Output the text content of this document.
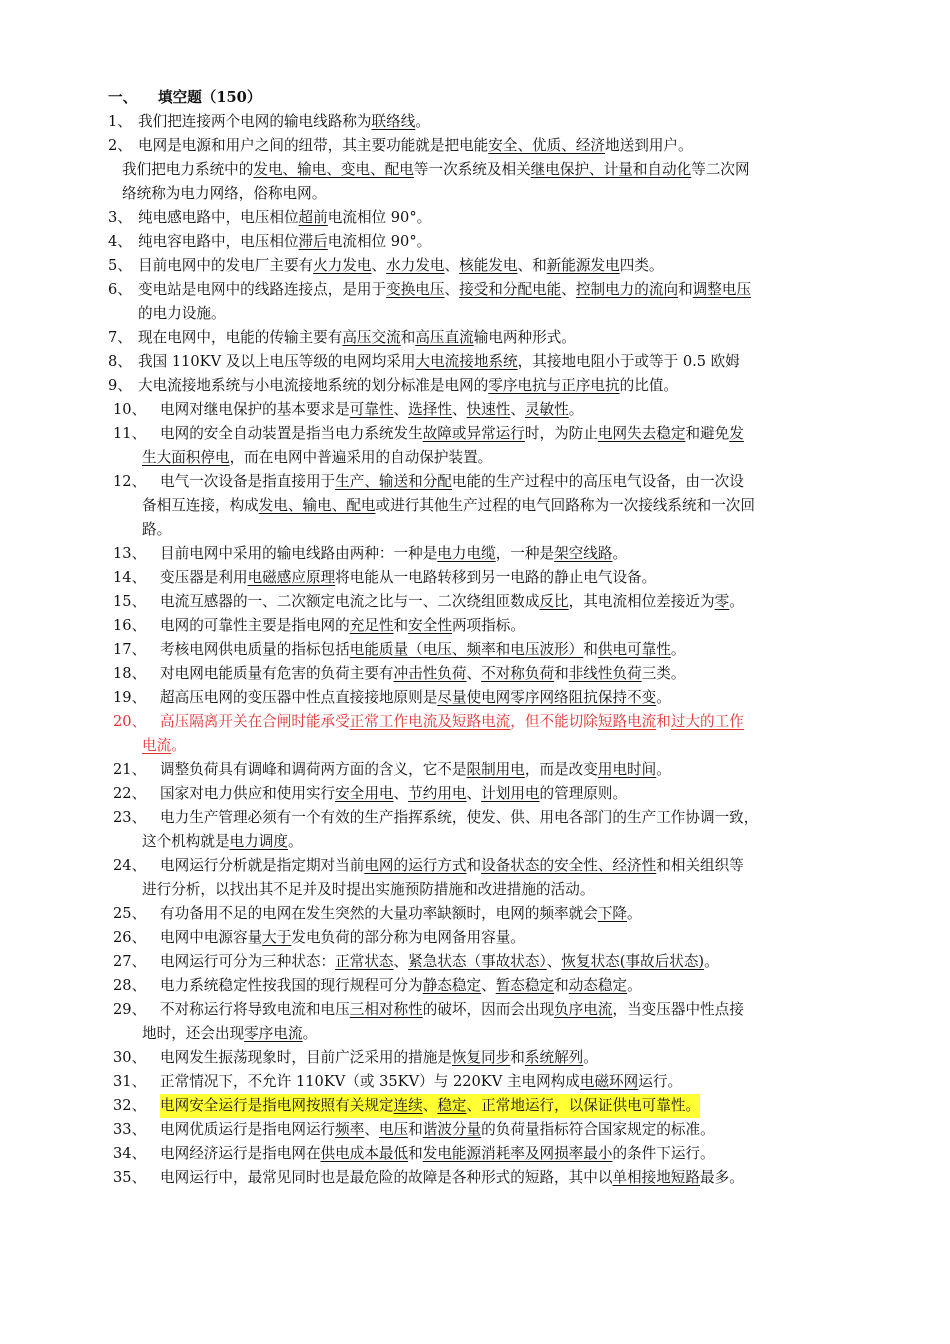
一、 填空题（150）
1、 我们把连接两个电网的输电线路称为联络线。
2、 电网是电源和用户之间的纽带，其主要功能就是把电能安全、优质、经济地送到用户。
我们把电力系统中的发电、输电、变电、配电等一次系统及相关继电保护、计量和自动化等二次网
络统称为电力网络，俗称电网。
3、 纯电感电路中，电压相位超前电流相位 90°。
4、 纯电容电路中，电压相位滞后电流相位 90°。
5、 目前电网中的发电厂主要有火力发电、水力发电、核能发电、和新能源发电四类。
6、 变电站是电网中的线路连接点，是用于变换电压、接受和分配电能、控制电力的流向和调整电压
的电力设施。
7、 现在电网中，电能的传输主要有高压交流和高压直流输电两种形式。
8、 我国 110KV 及以上电压等级的电网均采用大电流接地系统，其接地电阻小于或等于 0.5 欧姆
9、 大电流接地系统与小电流接地系统的划分标准是电网的零序电抗与正序电抗的比值。
10、 电网对继电保护的基本要求是可靠性、选择性、快速性、灵敏性。
11、 电网的安全自动装置是指当电力系统发生故障或异常运行时，为防止电网失去稳定和避免发
生大面积停电，而在电网中普遍采用的自动保护装置。
12、 电气一次设备是指直接用于生产、输送和分配电能的生产过程中的高压电气设备，由一次设
备相互连接，构成发电、输电、配电或进行其他生产过程的电气回路称为一次接线系统和一次回
路。
13、 目前电网中采用的输电线路由两种：一种是电力电缆，一种是架空线路。
14、 变压器是利用电磁感应原理将电能从一电路转移到另一电路的静止电气设备。
15、 电流互感器的一、二次额定电流之比与一、二次绕组匝数成反比，其电流相位差接近为零。
16、 电网的可靠性主要是指电网的充足性和安全性两项指标。
17、 考核电网供电质量的指标包括电能质量（电压、频率和电压波形）和供电可靠性。
18、 对电网电能质量有危害的负荷主要有冲击性负荷、不对称负荷和非线性负荷三类。
19、 超高压电网的变压器中性点直接接地原则是尽量使电网零序网络阻抗保持不变。
20、 高压隔离开关在合闸时能承受正常工作电流及短路电流，但不能切除短路电流和过大的工作
电流。
21、 调整负荷具有调峰和调荷两方面的含义，它不是限制用电，而是改变用电时间。
22、 国家对电力供应和使用实行安全用电、节约用电、计划用电的管理原则。
23、 电力生产管理必须有一个有效的生产指挥系统，使发、供、用电各部门的生产工作协调一致，
这个机构就是电力调度。
24、 电网运行分析就是指定期对当前电网的运行方式和设备状态的安全性、经济性和相关组织等
进行分析，以找出其不足并及时提出实施预防措施和改进措施的活动。
25、 有功备用不足的电网在发生突然的大量功率缺额时，电网的频率就会下降。
26、 电网中电源容量大于发电负荷的部分称为电网备用容量。
27、 电网运行可分为三种状态：正常状态、紧急状态（事故状态）、恢复状态(事故后状态)。
28、 电力系统稳定性按我国的现行规程可分为静态稳定、暂态稳定和动态稳定。
29、 不对称运行将导致电流和电压三相对称性的破坏，因而会出现负序电流，当变压器中性点接
地时，还会出现零序电流。
30、 电网发生振荡现象时，目前广泛采用的措施是恢复同步和系统解列。
31、 正常情况下，不允许 110KV（或 35KV）与 220KV 主电网构成电磁环网运行。
32、 电网安全运行是指电网按照有关规定连续、稳定、正常地运行，以保证供电可靠性。
33、 电网优质运行是指电网运行频率、电压和谐波分量的负荷量指标符合国家规定的标准。
34、 电网经济运行是指电网在供电成本最低和发电能源消耗率及网损率最小的条件下运行。
35、 电网运行中，最常见同时也是最危险的故障是各种形式的短路，其中以单相接地短路最多。
